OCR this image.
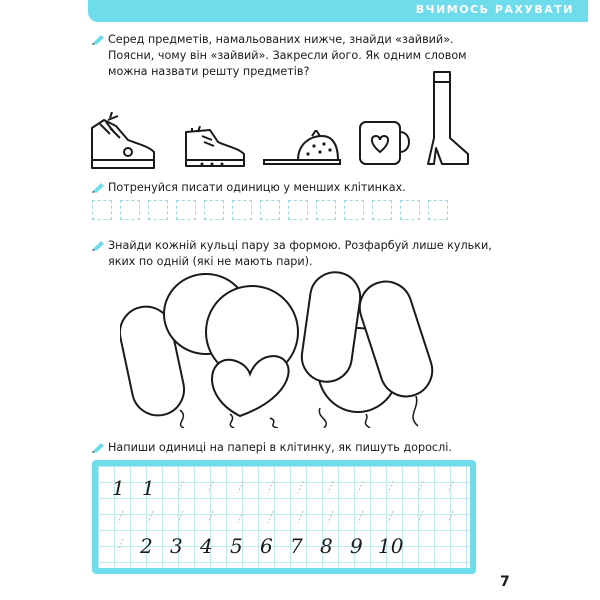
ВЧИМОСЬ РАХУВАТИ
Серед предметів, намальованих нижче, знайди «зайвий». Поясни, чому він «зайвий». Закресли його. Як одним словом можна назвати решту предметів?
Потренуйся писати одиницю у менших клітинках.
Знайди кожній кульці пару за формою. Розфарбуй лише кульки, яких по одній (які не мають пари).
Напиши одиниці на папері в клітинку, як пишуть дорослі.
1 1
2 3 4 5 6 7 8 9 10
7
